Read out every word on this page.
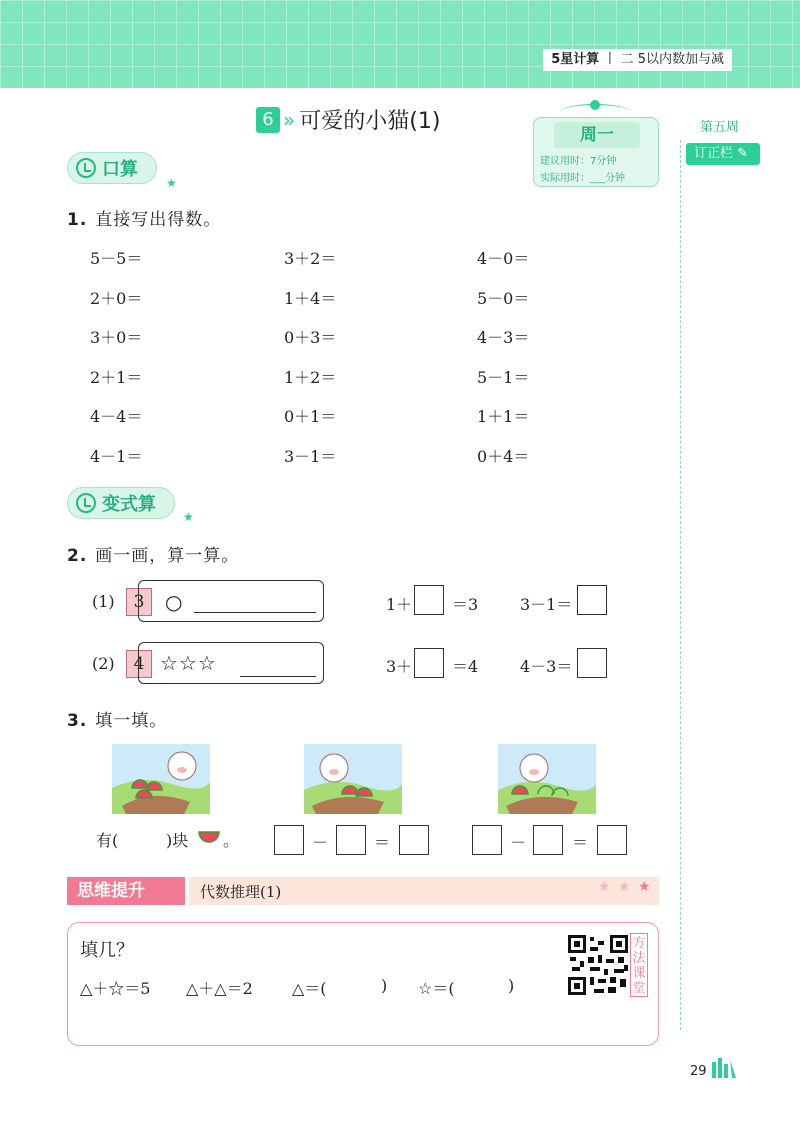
5星计算 丨 二 5以内数加与减
6 » 可爱的小猫(1)
周一
建议用时：7分钟
实际用时：___分钟
第五周
订正栏 ✎
口算
★
1. 直接写出得数。
5－5＝	3＋2＝	4－0＝
2＋0＝	1＋4＝	5－0＝
3＋0＝	0＋3＝	4－3＝
2＋1＝	1＋2＝	5－1＝
4－4＝	0＋1＝	1＋1＝
4－1＝	3－1＝	0＋4＝
变式算
★
2. 画一画，算一算。
(1)	3	○	1＋ ＝3	3－1＝
(2)	4 ☆☆☆	3＋ ＝4	4－3＝
3. 填一填。
有(	)块 。	－	＝	－	＝
思维提升	代数推理(1)	★ ★ ★
填几？
△＋☆＝5 △＋△＝2 △＝(	) ☆＝(	)
方法课堂
29
